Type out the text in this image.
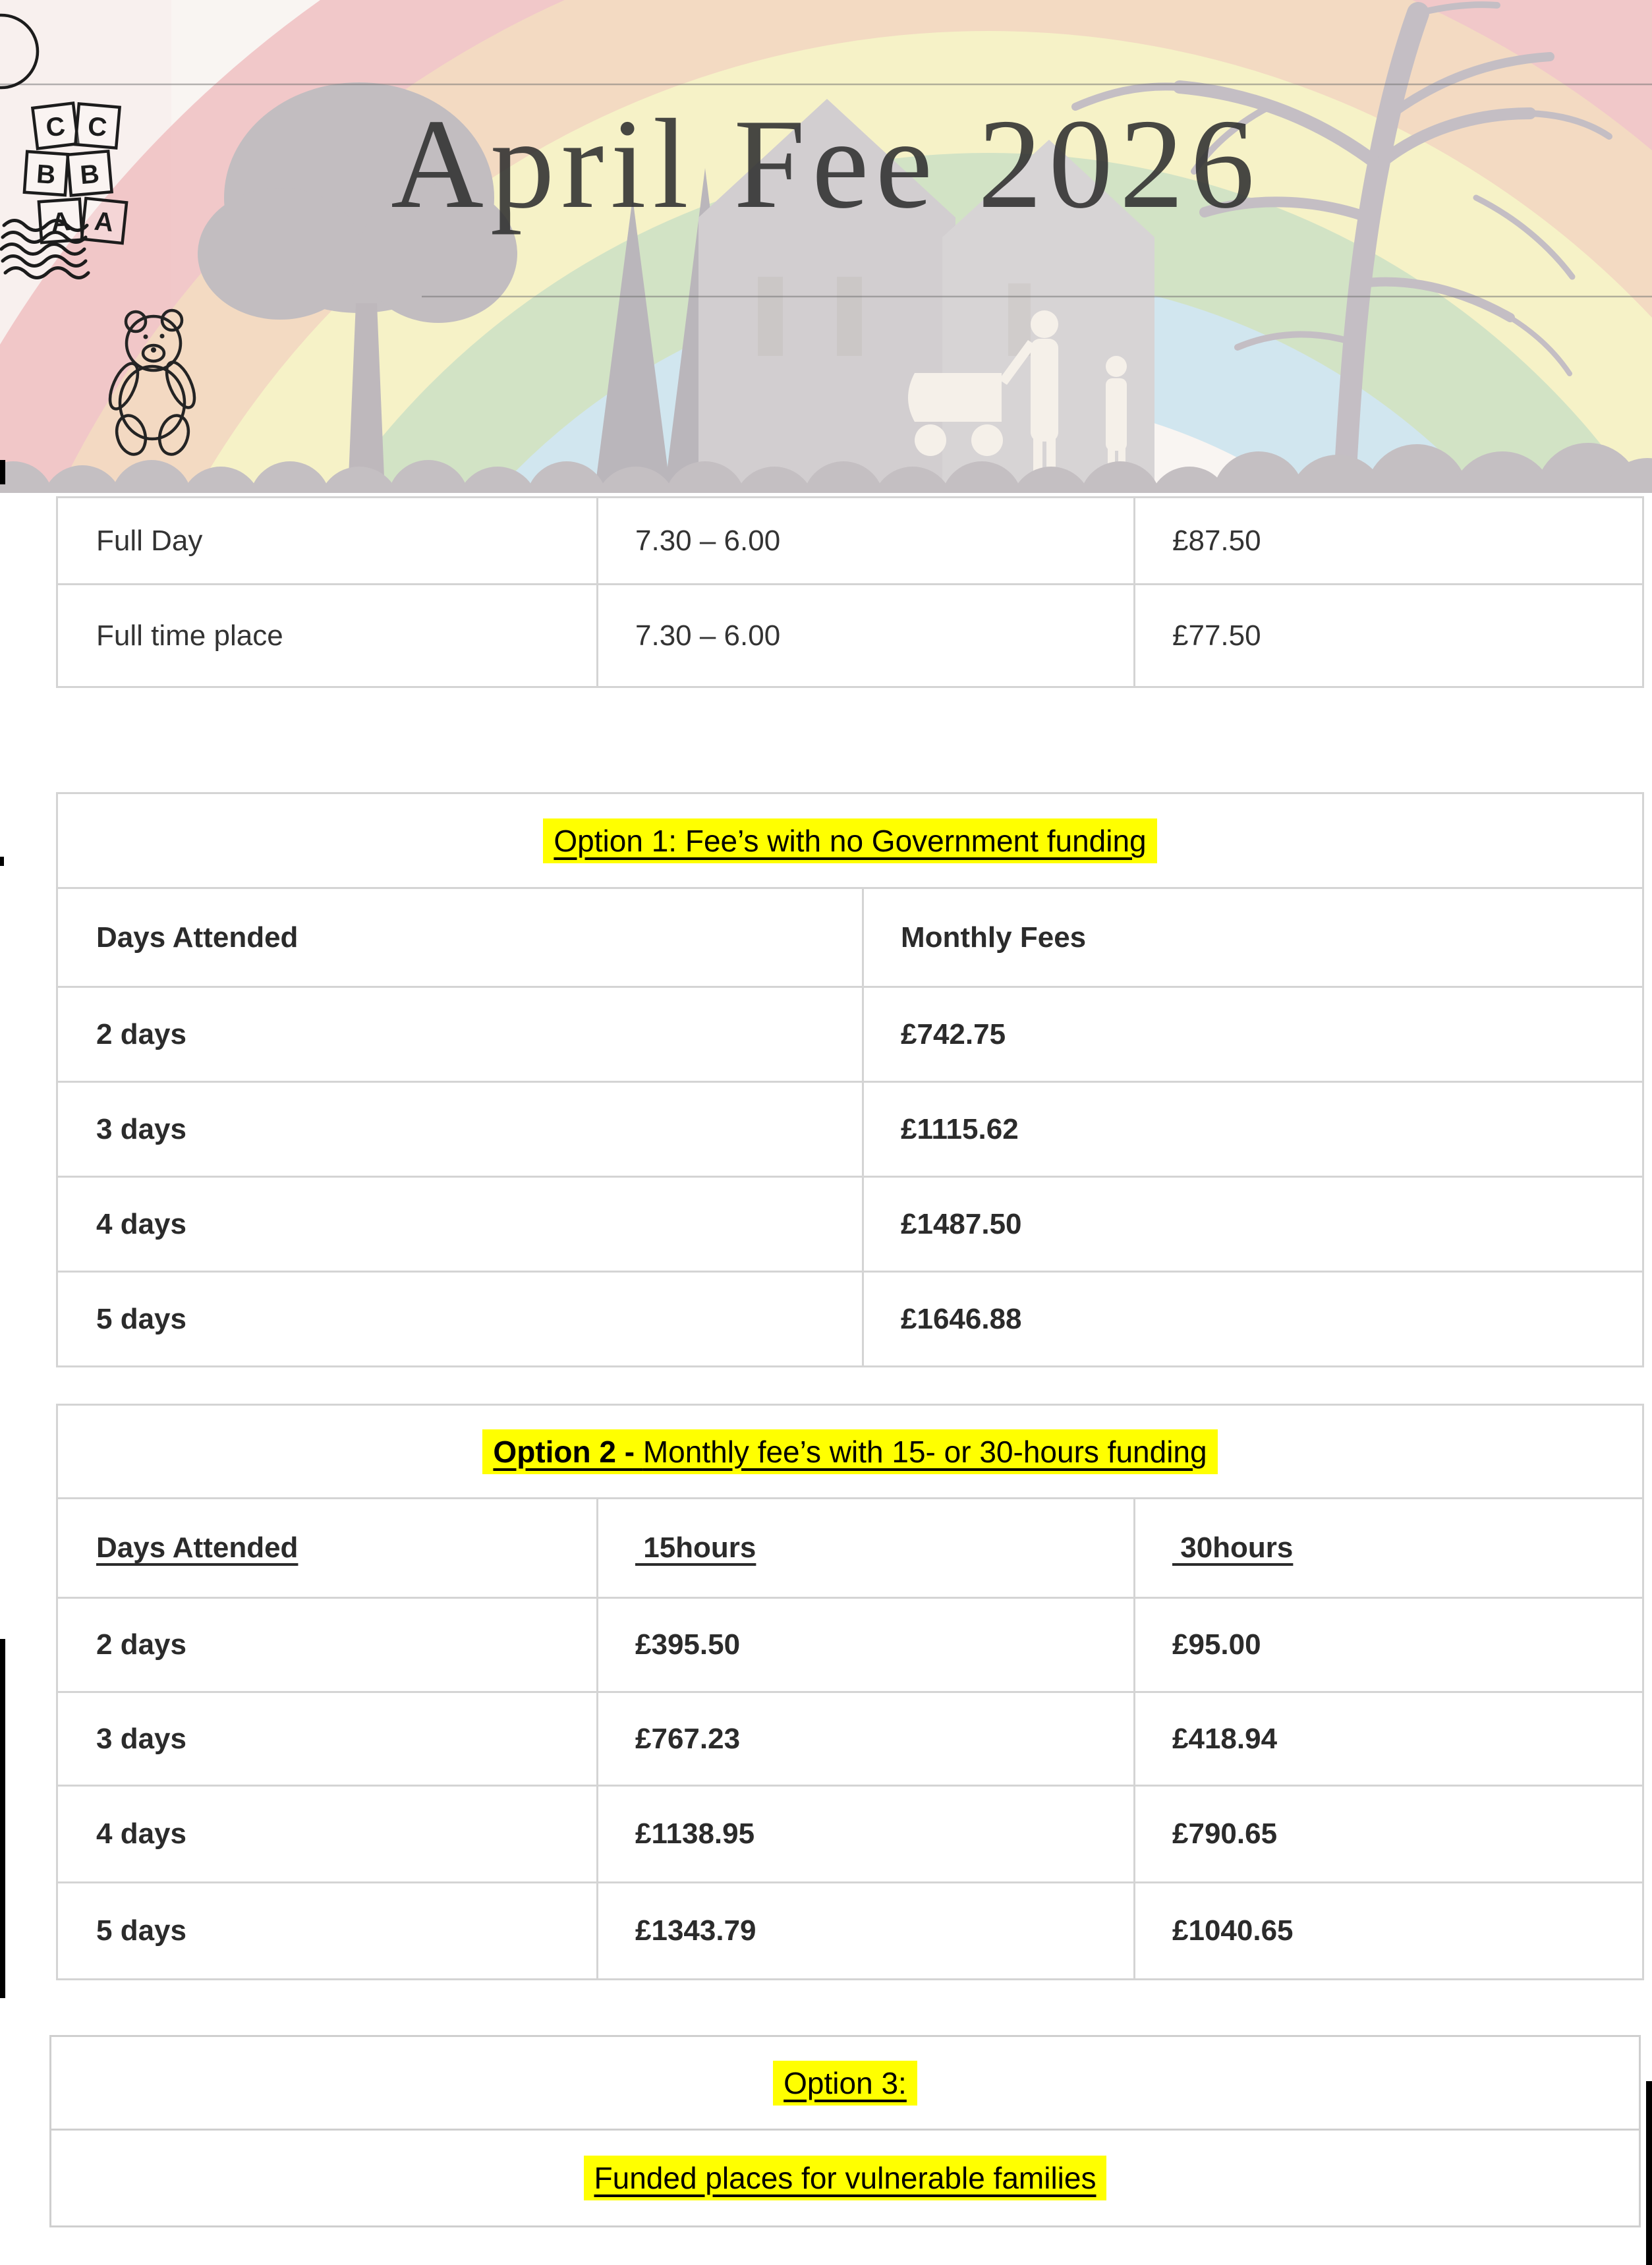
C C
B B
A A	April Fee 2026
Full Day	7.30 – 6.00	£87.50
Full time place	7.30 – 6.00	£77.50
Option 1: Fee’s with no Government funding	
Days Attended	Monthly Fees
2 days	£742.75
3 days	£1115.62
4 days	£1487.50
5 days	£1646.88
Option 2 - Monthly fee’s with 15- or 30-hours funding		
Days Attended	15hours	30hours
2 days	£395.50	£95.00
3 days	£767.23	£418.94
4 days	£1138.95	£790.65
5 days	£1343.79	£1040.65
Option 3:
Funded places for vulnerable families
